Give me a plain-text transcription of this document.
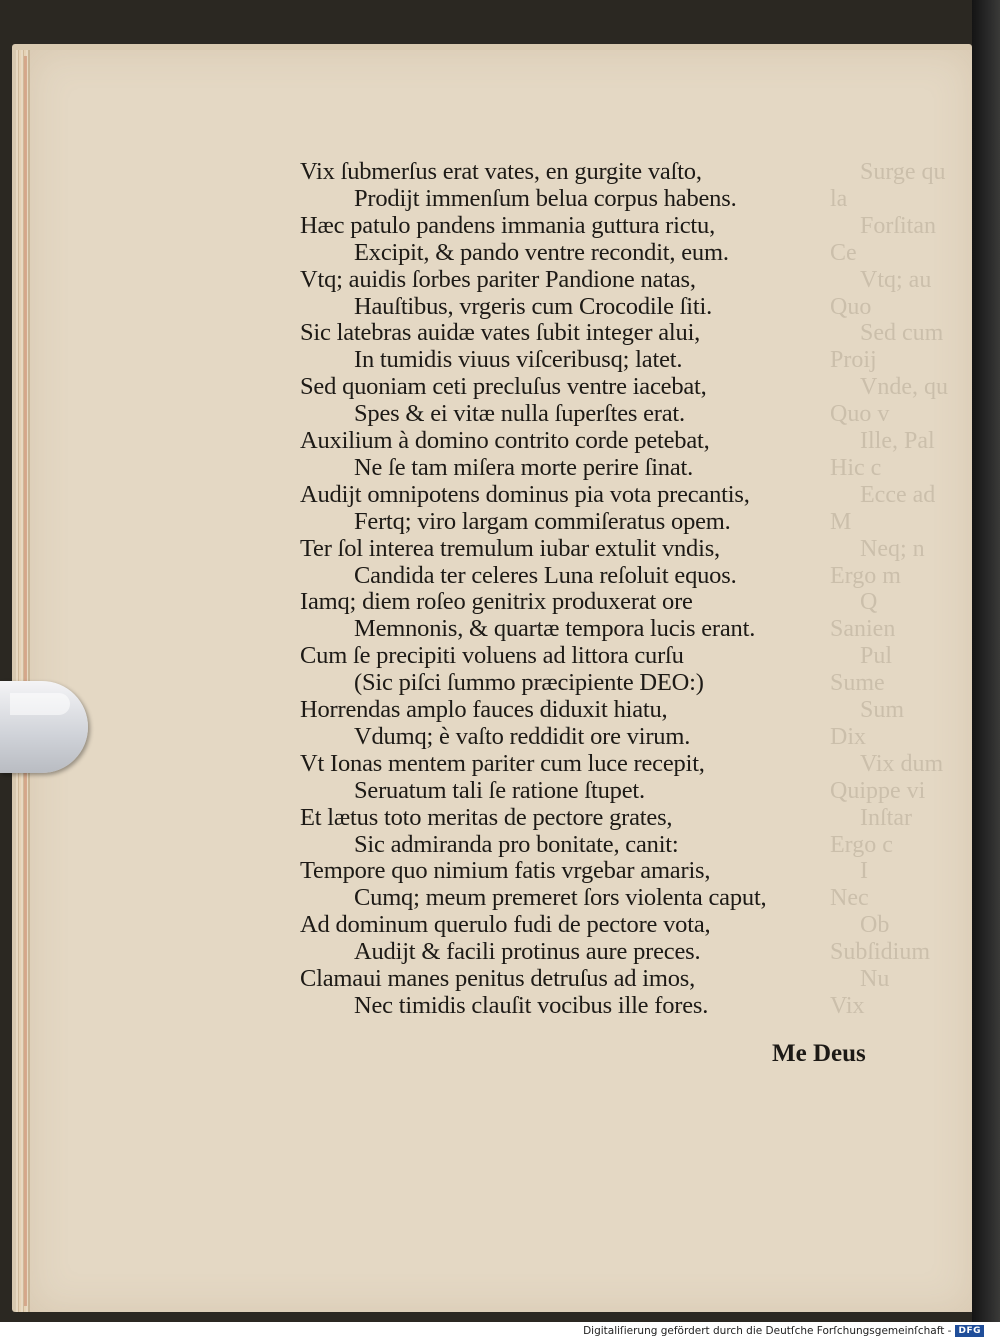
Surge qu
la
Forſitan
Ce
Vtq; au
Quo
Sed cum
Proij
Vnde, qu
Quo v
Ille, Pal
Hic c
Ecce ad
M
Neq; n
Ergo m
Q
Sanien
Pul
Sume
Sum
Dix
Vix dum
Quippe vi
Inſtar
Ergo c
I
Nec
Ob
Subſidium
Nu
Vix
Vix ſubmerſus erat vates, en gurgite vaſto,
Prodijt immenſum belua corpus habens.
Hæc patulo pandens immania guttura rictu,
Excipit, & pando ventre recondit, eum.
Vtq; auidis ſorbes pariter Pandione natas,
Hauſtibus, vrgeris cum Crocodile ſiti.
Sic latebras auidæ vates ſubit integer alui,
In tumidis viuus viſceribusq; latet.
Sed quoniam ceti precluſus ventre iacebat,
Spes & ei vitæ nulla ſuperſtes erat.
Auxilium à domino contrito corde petebat,
Ne ſe tam miſera morte perire ſinat.
Audijt omnipotens dominus pia vota precantis,
Fertq; viro largam commiſeratus opem.
Ter ſol interea tremulum iubar extulit vndis,
Candida ter celeres Luna reſoluit equos.
Iamq; diem roſeo genitrix produxerat ore
Memnonis, & quartæ tempora lucis erant.
Cum ſe precipiti voluens ad littora curſu
(Sic piſci ſummo præcipiente DEO:)
Horrendas amplo fauces diduxit hiatu,
Vdumq; è vaſto reddidit ore virum.
Vt Ionas mentem pariter cum luce recepit,
Seruatum tali ſe ratione ſtupet.
Et lætus toto meritas de pectore grates,
Sic admiranda pro bonitate, canit:
Tempore quo nimium fatis vrgebar amaris,
Cumq; meum premeret ſors violenta caput,
Ad dominum querulo fudi de pectore vota,
Audijt & facili protinus aure preces.
Clamaui manes penitus detruſus ad imos,
Nec timidis clauſit vocibus ille fores.
Me Deus
Digitaliſierung gefördert durch die Deutſche Forſchungsgemeinſchaft - DFG
